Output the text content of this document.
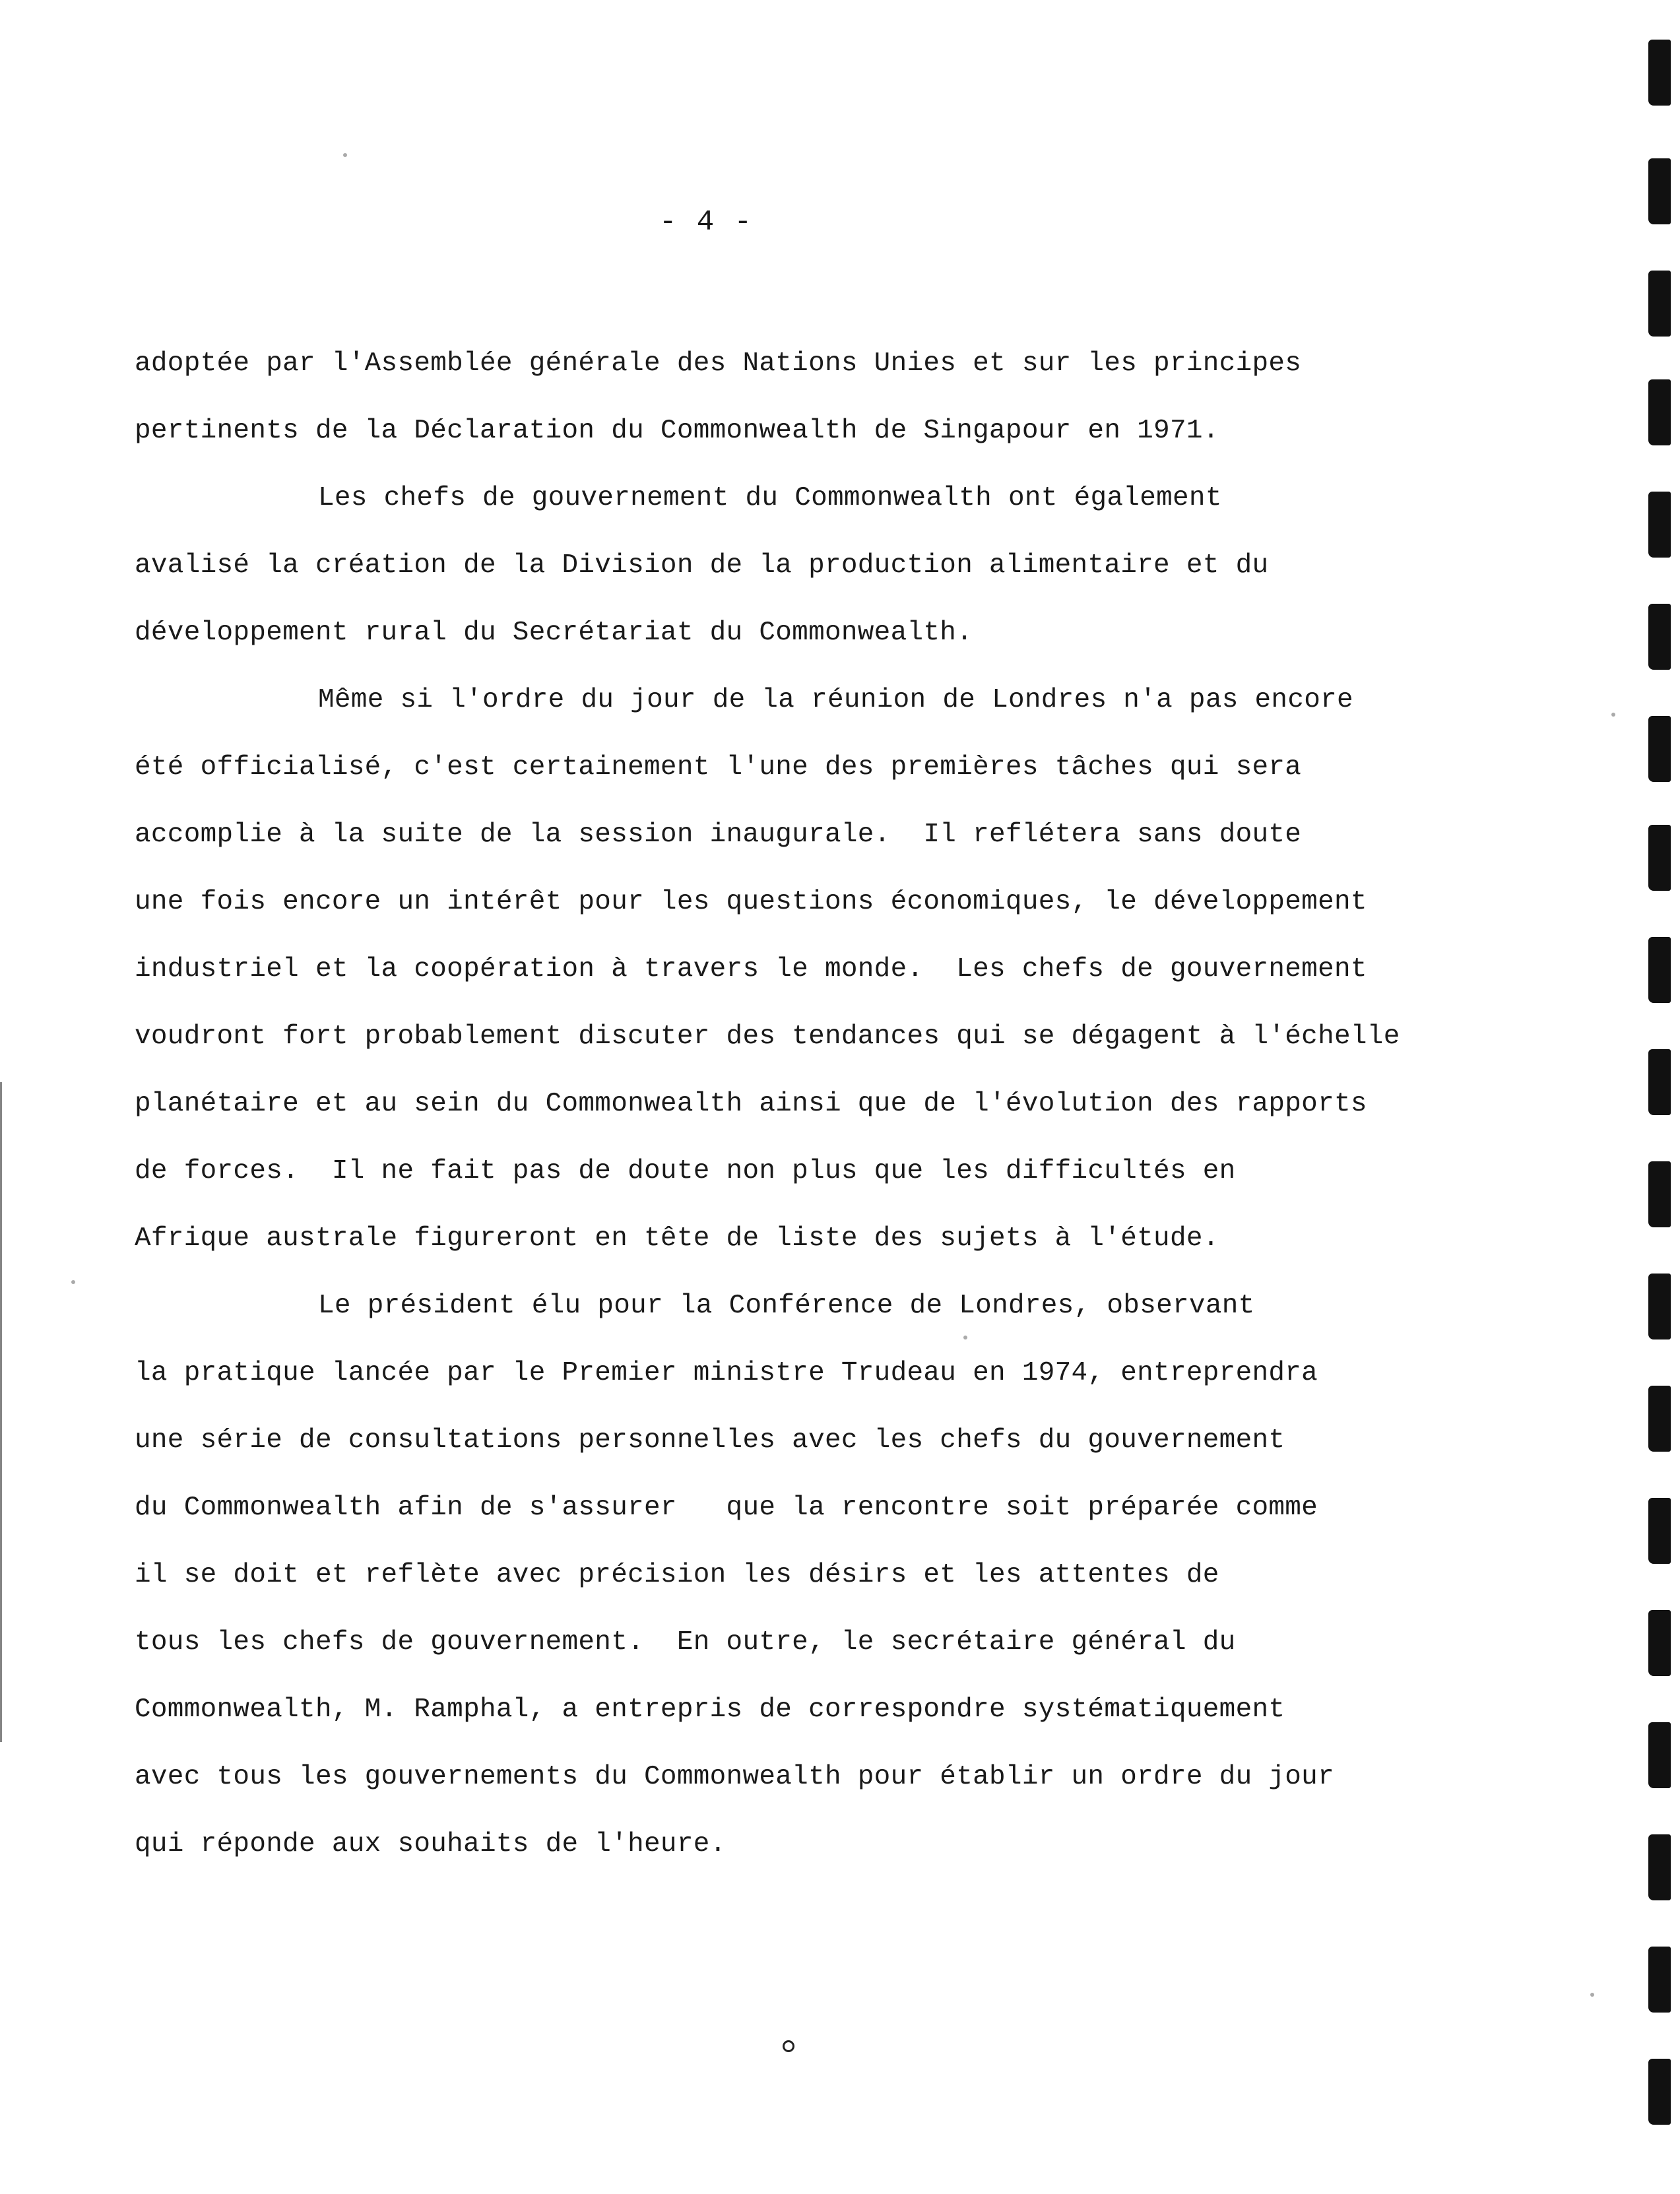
- 4 -
adoptée par l'Assemblée générale des Nations Unies et sur les principes
pertinents de la Déclaration du Commonwealth de Singapour en 1971.
Les chefs de gouvernement du Commonwealth ont également
avalisé la création de la Division de la production alimentaire et du
développement rural du Secrétariat du Commonwealth.
Même si l'ordre du jour de la réunion de Londres n'a pas encore
été officialisé, c'est certainement l'une des premières tâches qui sera
accomplie à la suite de la session inaugurale.  Il reflétera sans doute
une fois encore un intérêt pour les questions économiques, le développement
industriel et la coopération à travers le monde.  Les chefs de gouvernement
voudront fort probablement discuter des tendances qui se dégagent à l'échelle
planétaire et au sein du Commonwealth ainsi que de l'évolution des rapports
de forces.  Il ne fait pas de doute non plus que les difficultés en
Afrique australe figureront en tête de liste des sujets à l'étude.
Le président élu pour la Conférence de Londres, observant
la pratique lancée par le Premier ministre Trudeau en 1974, entreprendra
une série de consultations personnelles avec les chefs du gouvernement
du Commonwealth afin de s'assurer   que la rencontre soit préparée comme
il se doit et reflète avec précision les désirs et les attentes de
tous les chefs de gouvernement.  En outre, le secrétaire général du
Commonwealth, M. Ramphal, a entrepris de correspondre systématiquement
avec tous les gouvernements du Commonwealth pour établir un ordre du jour
qui réponde aux souhaits de l'heure.
